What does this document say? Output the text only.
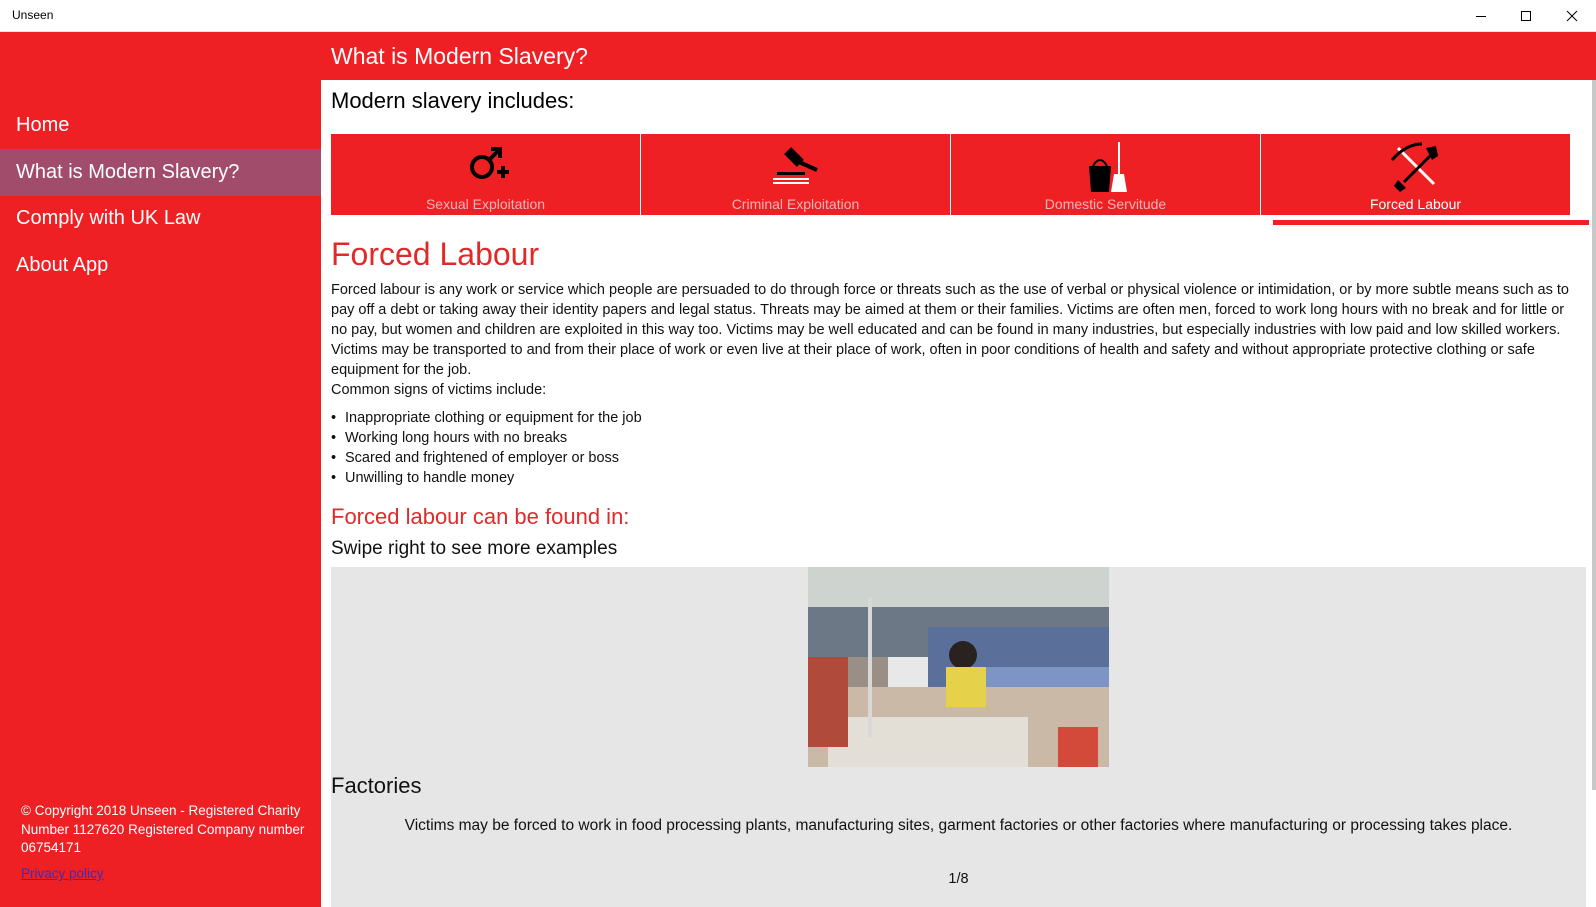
Unseen
What is Modern Slavery?
Home
What is Modern Slavery?
Comply with UK Law
About App
© Copyright 2018 Unseen - Registered Charity Number 1127620 Registered Company number 06754171
Privacy policy
Modern slavery includes:
Sexual Exploitation	Criminal Exploitation	Domestic Servitude	Forced Labour
Forced Labour
Forced labour is any work or service which people are persuaded to do through force or threats such as the use of verbal or physical violence or intimidation, or by more subtle means such as to pay off a debt or taking away their identity papers and legal status. Threats may be aimed at them or their families. Victims are often men, forced to work long hours with no break and for little or no pay, but women and children are exploited in this way too. Victims may be well educated and can be found in many industries, but especially industries with low paid and low skilled workers. Victims may be transported to and from their place of work or even live at their place of work, often in poor conditions of health and safety and without appropriate protective clothing or safe equipment for the job.
Common signs of victims include:
• Inappropriate clothing or equipment for the job
• Working long hours with no breaks
• Scared and frightened of employer or boss
• Unwilling to handle money
Forced labour can be found in:
Swipe right to see more examples
Factories
Victims may be forced to work in food processing plants, manufacturing sites, garment factories or other factories where manufacturing or processing takes place.
1/8
